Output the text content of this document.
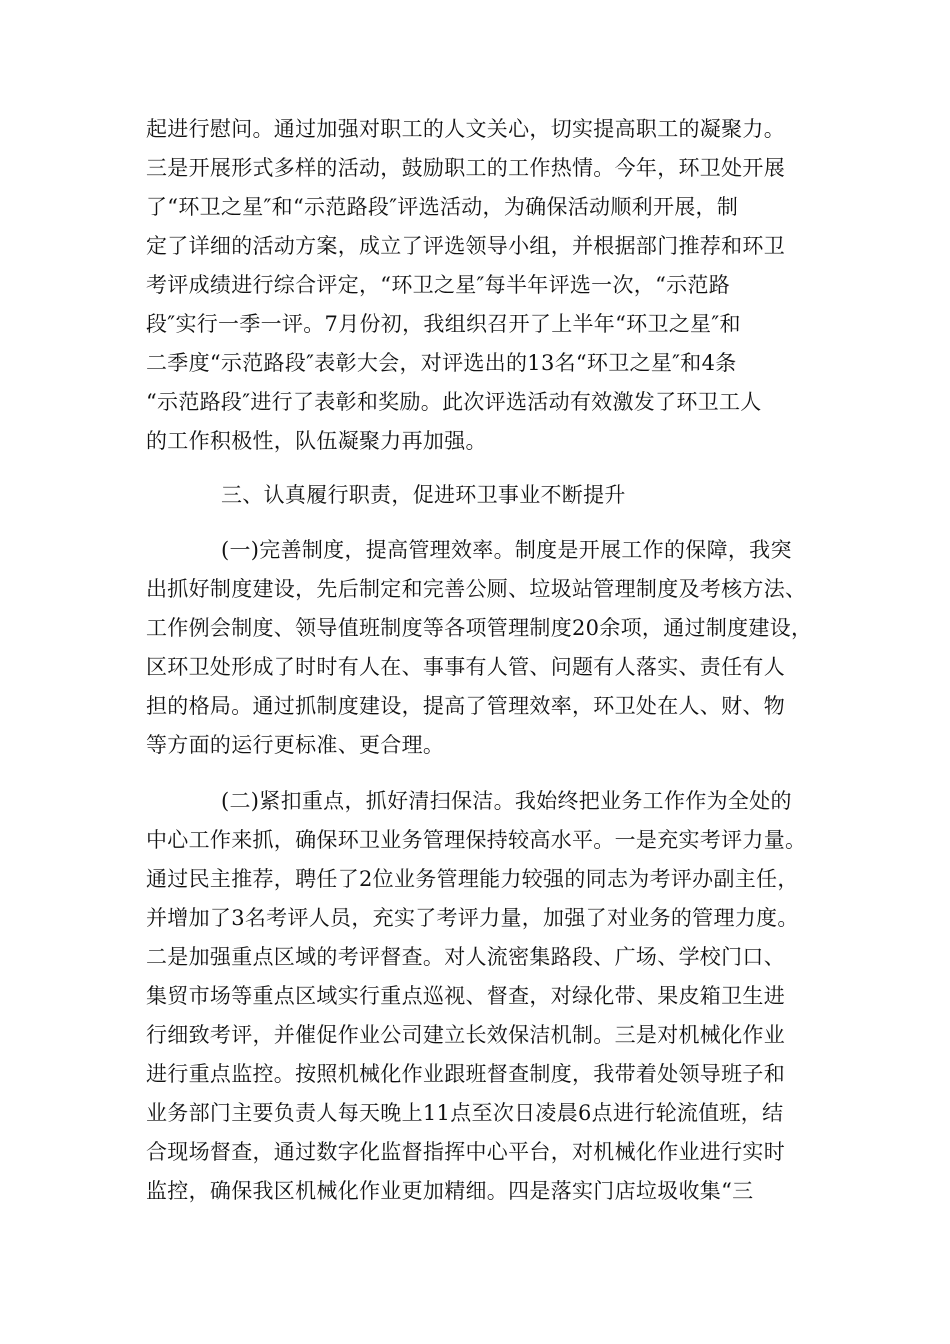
起进行慰问。通过加强对职工的人文关心，切实提高职工的凝聚力。
三是开展形式多样的活动，鼓励职工的工作热情。今年，环卫处开展
了“环卫之星″和“示范路段″评选活动，为确保活动顺利开展，制
定了详细的活动方案，成立了评选领导小组，并根据部门推荐和环卫
考评成绩进行综合评定，“环卫之星″每半年评选一次，“示范路
段″实行一季一评。7月份初，我组织召开了上半年“环卫之星″和
二季度“示范路段″表彰大会，对评选出的13名“环卫之星″和4条
“示范路段″进行了表彰和奖励。此次评选活动有效激发了环卫工人
的工作积极性，队伍凝聚力再加强。
三、认真履行职责，促进环卫事业不断提升
(一)完善制度，提高管理效率。制度是开展工作的保障，我突
出抓好制度建设，先后制定和完善公厕、垃圾站管理制度及考核方法、
工作例会制度、领导值班制度等各项管理制度20余项，通过制度建设，
区环卫处形成了时时有人在、事事有人管、问题有人落实、责任有人
担的格局。通过抓制度建设，提高了管理效率，环卫处在人、财、物
等方面的运行更标准、更合理。
(二)紧扣重点，抓好清扫保洁。我始终把业务工作作为全处的
中心工作来抓，确保环卫业务管理保持较高水平。一是充实考评力量。
通过民主推荐，聘任了2位业务管理能力较强的同志为考评办副主任，
并增加了3名考评人员，充实了考评力量，加强了对业务的管理力度。
二是加强重点区域的考评督查。对人流密集路段、广场、学校门口、
集贸市场等重点区域实行重点巡视、督查，对绿化带、果皮箱卫生进
行细致考评，并催促作业公司建立长效保洁机制。三是对机械化作业
进行重点监控。按照机械化作业跟班督查制度，我带着处领导班子和
业务部门主要负责人每天晚上11点至次日凌晨6点进行轮流值班，结
合现场督查，通过数字化监督指挥中心平台，对机械化作业进行实时
监控，确保我区机械化作业更加精细。四是落实门店垃圾收集“三
